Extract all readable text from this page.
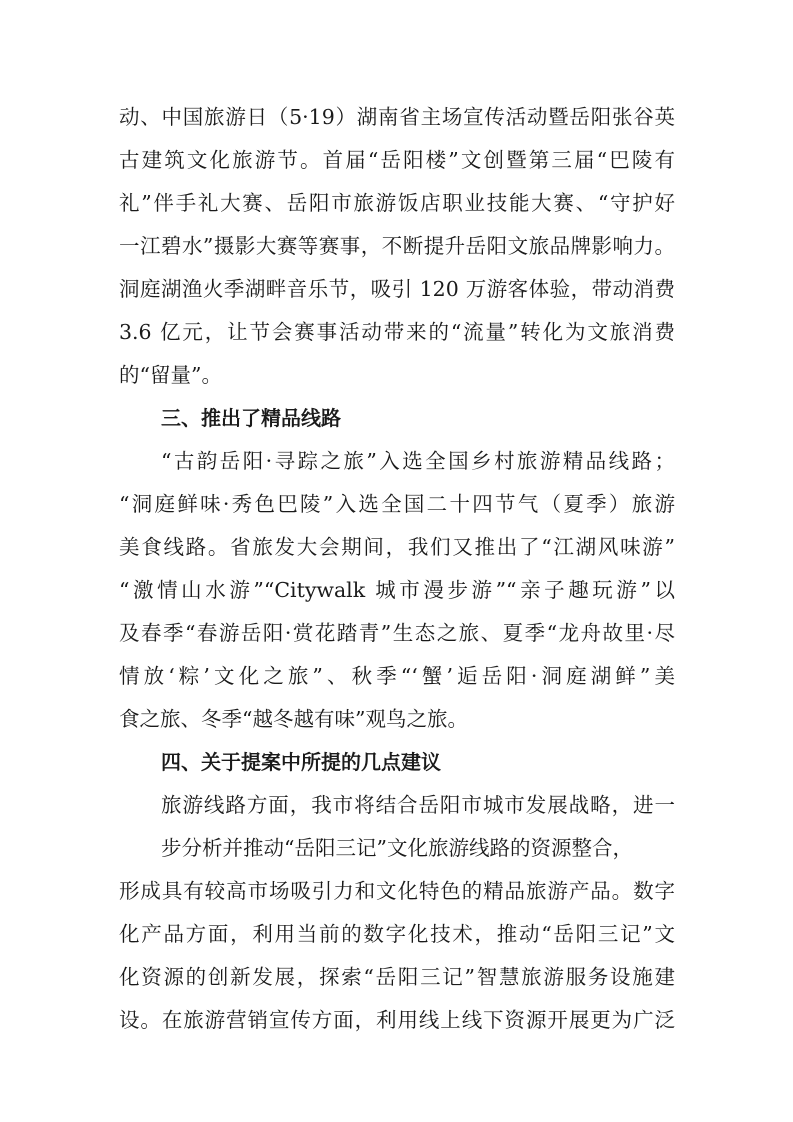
动、中国旅游日（5·19）湖南省主场宣传活动暨岳阳张谷英
古建筑文化旅游节。首届“岳阳楼”文创暨第三届“巴陵有
礼”伴手礼大赛、岳阳市旅游饭店职业技能大赛、“守护好
一江碧水”摄影大赛等赛事，不断提升岳阳文旅品牌影响力。
洞庭湖渔火季湖畔音乐节，吸引 120 万游客体验，带动消费
3.6 亿元，让节会赛事活动带来的“流量”转化为文旅消费
的“留量”。
三、推出了精品线路
“古韵岳阳·寻踪之旅”入选全国乡村旅游精品线路；
“洞庭鲜味·秀色巴陵”入选全国二十四节气（夏季）旅游
美食线路。省旅发大会期间，我们又推出了“江湖风味游”
“激情山水游”“Citywalk 城市漫步游”“亲子趣玩游”以
及春季“春游岳阳·赏花踏青”生态之旅、夏季“龙舟故里·尽
情放‘粽’文化之旅”、秋季“‘蟹’逅岳阳·洞庭湖鲜”美
食之旅、冬季“越冬越有味”观鸟之旅。
四、关于提案中所提的几点建议
旅游线路方面，我市将结合岳阳市城市发展战略，进一
步分析并推动“岳阳三记”文化旅游线路的资源整合，
形成具有较高市场吸引力和文化特色的精品旅游产品。数字
化产品方面，利用当前的数字化技术，推动“岳阳三记”文
化资源的创新发展，探索“岳阳三记”智慧旅游服务设施建
设。在旅游营销宣传方面，利用线上线下资源开展更为广泛
